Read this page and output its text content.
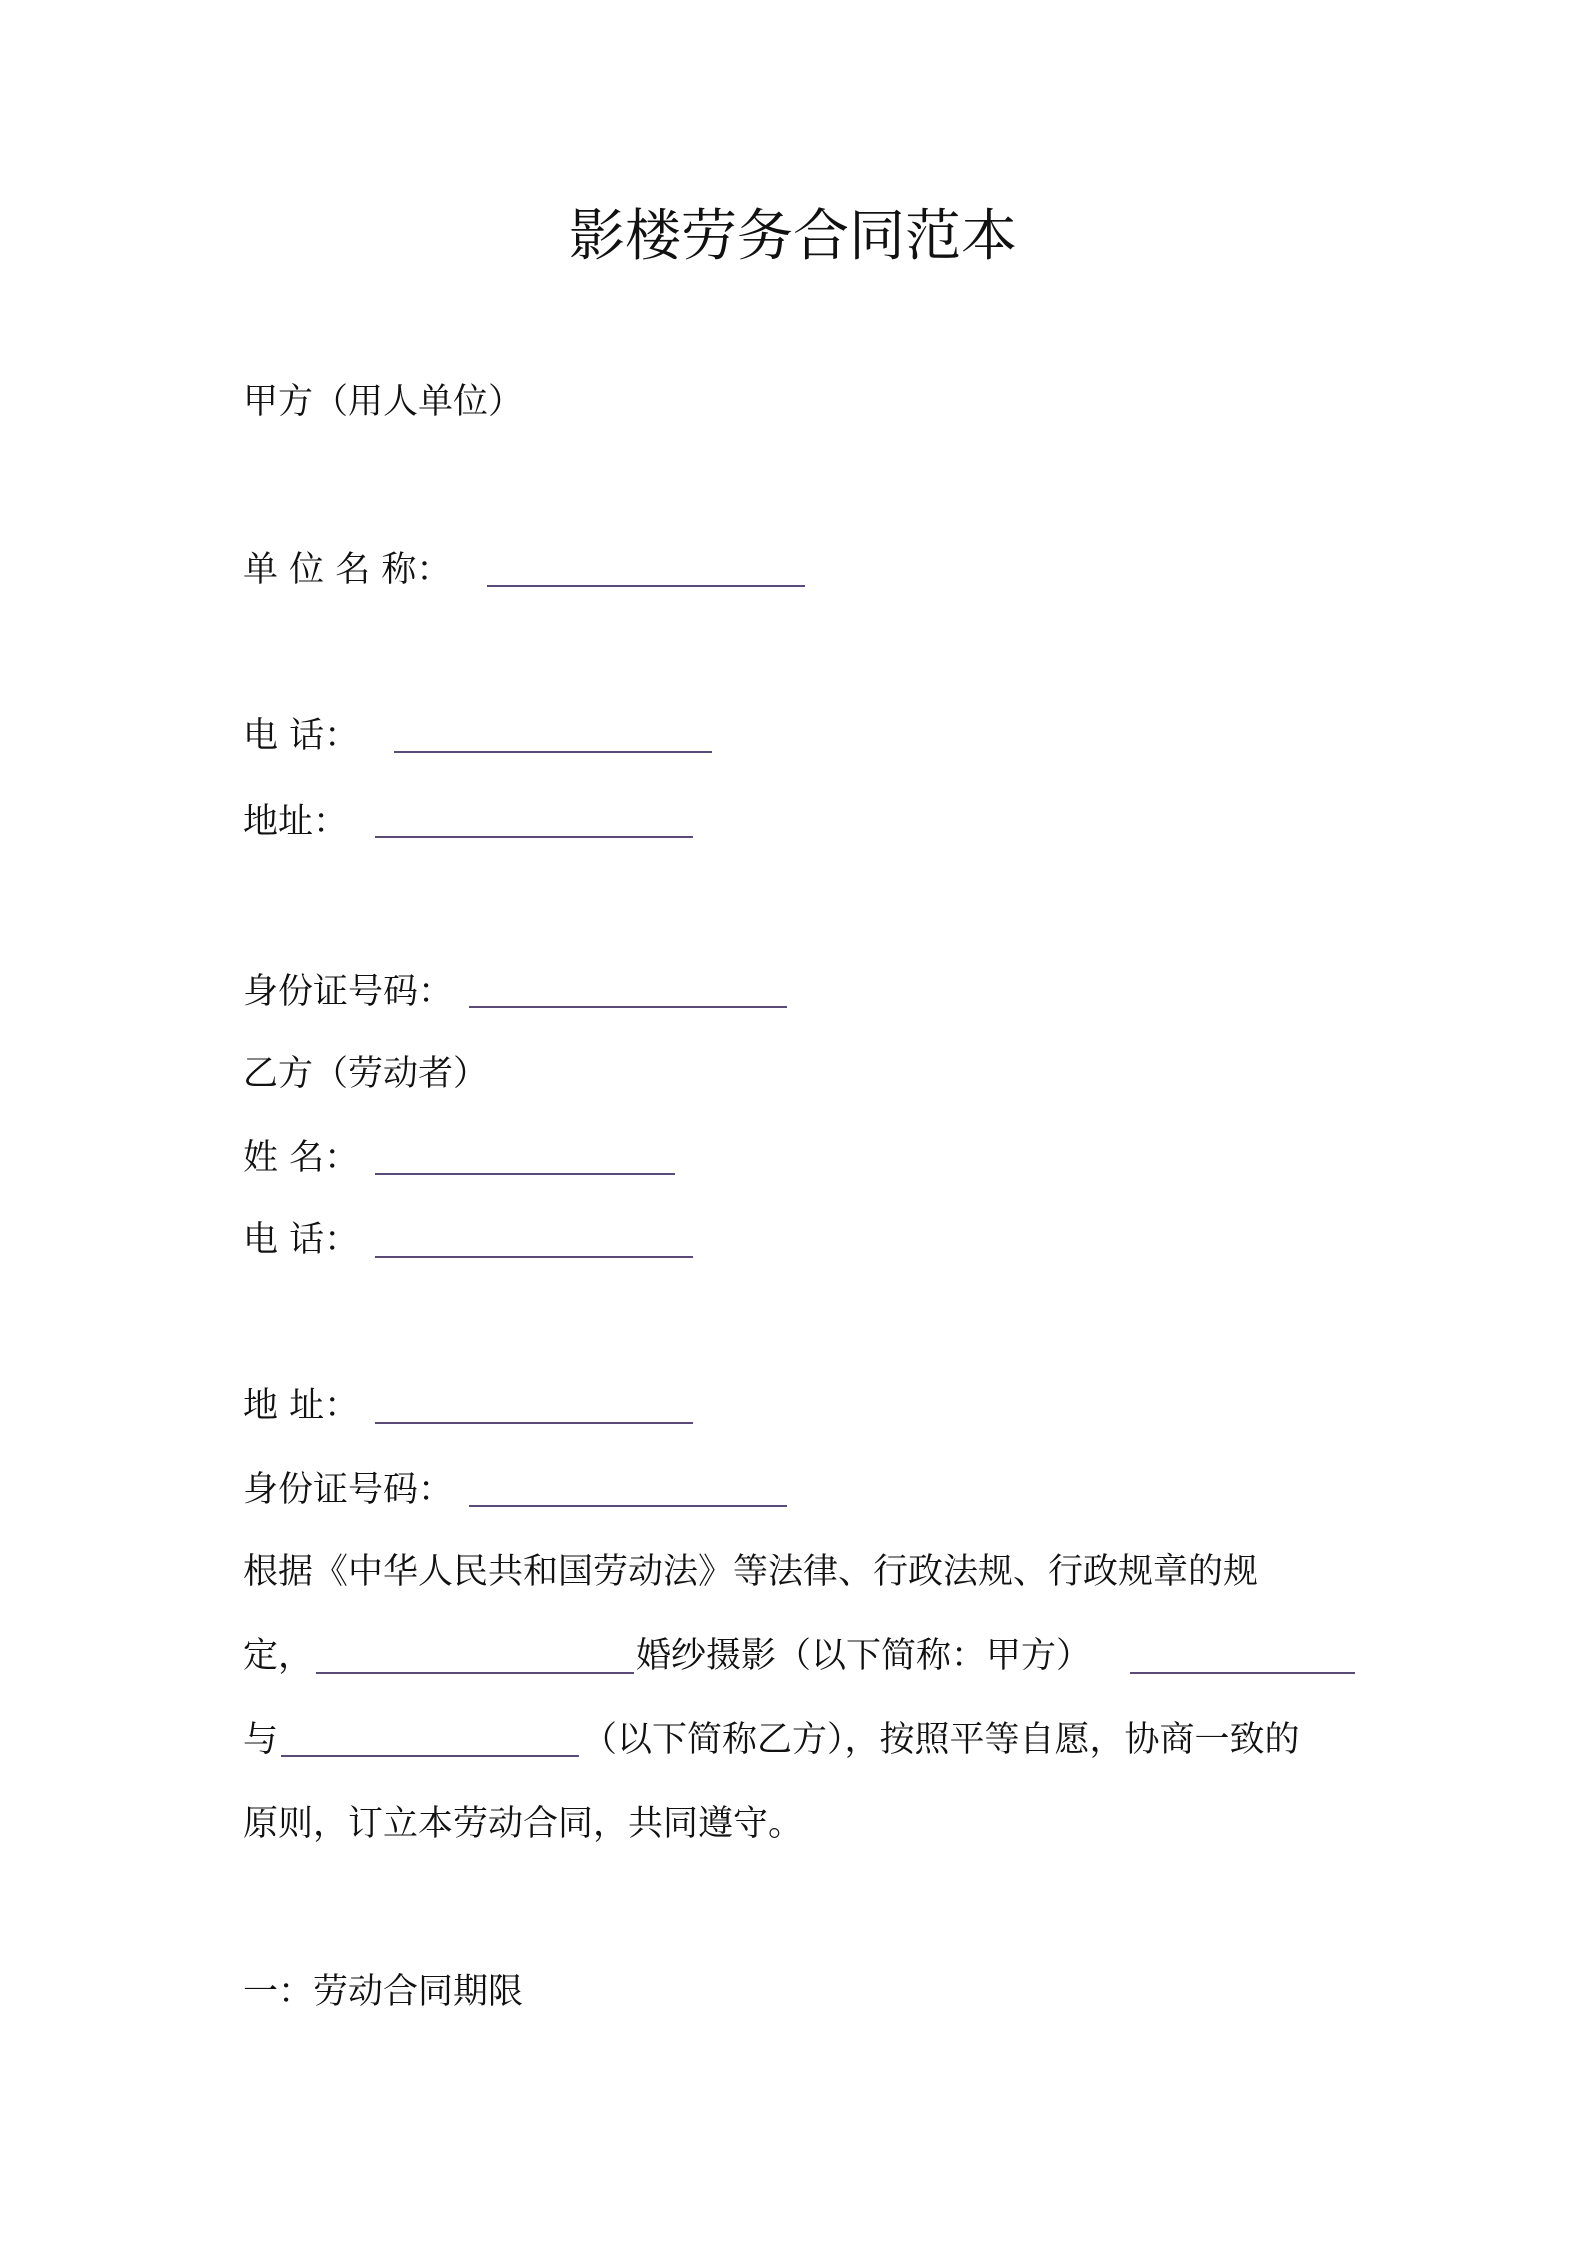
影楼劳务合同范本
甲方（用人单位）
单 位 名 称：
电 话：
地址：
身份证号码：
乙方（劳动者）
姓 名：
电 话：
地 址：
身份证号码：
根据《中华人民共和国劳动法》等法律、行政法规、行政规章的规
定，	婚纱摄影（以下简称：甲方）
与	（以下简称乙方），按照平等自愿，协商一致的
原则，订立本劳动合同，共同遵守。
一：劳动合同期限
